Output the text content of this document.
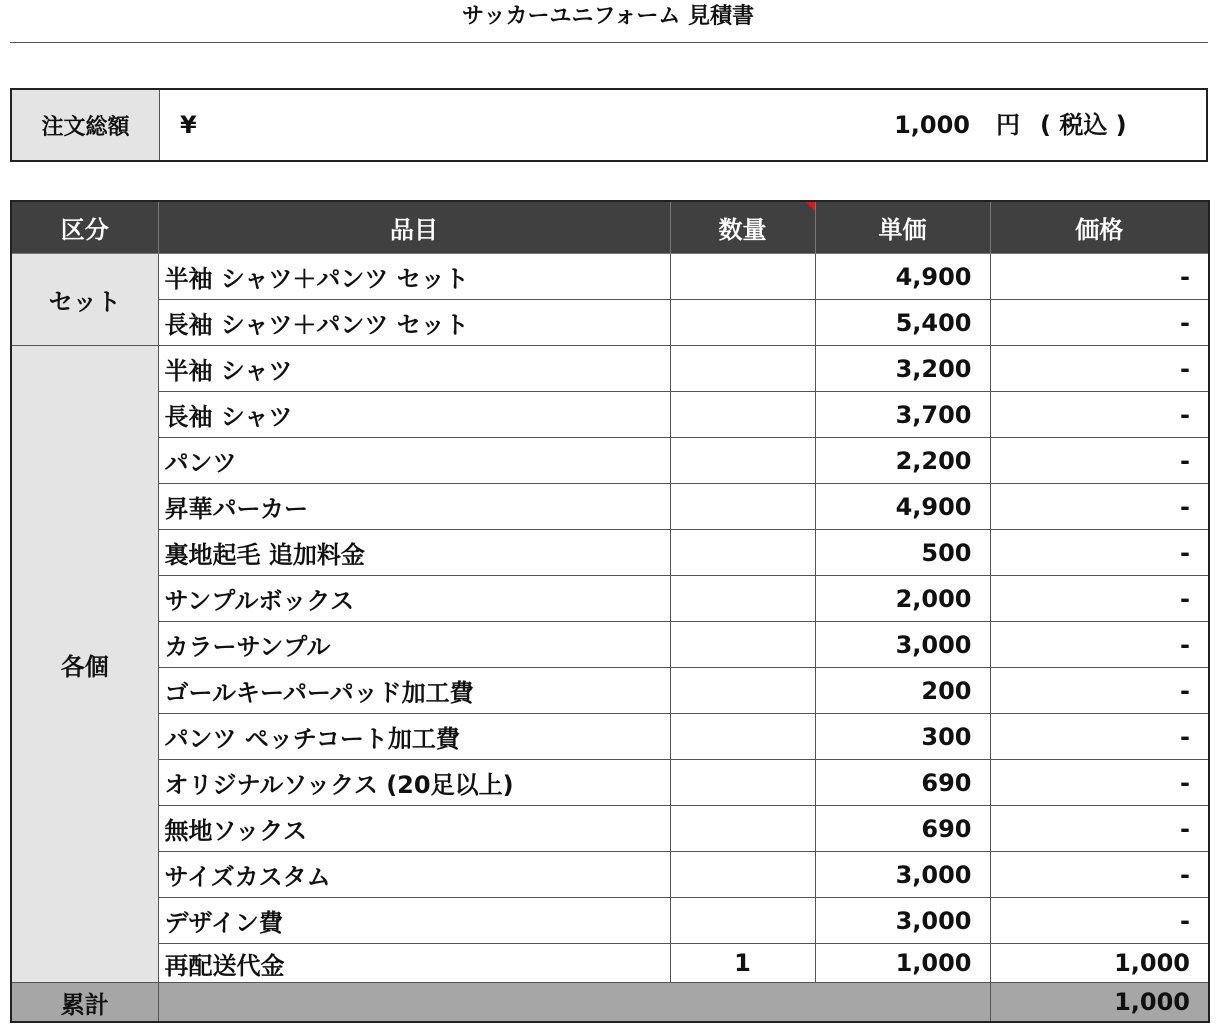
サッカーユニフォーム 見積書
注文総額	¥	1,000 円 ( 税込 )
区分	品目	数量	単価	価格
セット	半袖 シャツ＋パンツ セット		4,900	-
	長袖 シャツ＋パンツ セット		5,400	-
各個	半袖 シャツ		3,200	-
	長袖 シャツ		3,700	-
	パンツ		2,200	-
	昇華パーカー		4,900	-
	裏地起毛 追加料金		500	-
	サンプルボックス		2,000	-
	カラーサンプル		3,000	-
	ゴールキーパーパッド加工費		200	-
	パンツ ペッチコート加工費		300	-
	オリジナルソックス (20足以上)		690	-
	無地ソックス		690	-
	サイズカスタム		3,000	-
	デザイン費		3,000	-
	再配送代金	1	1,000	1,000
累計				1,000
